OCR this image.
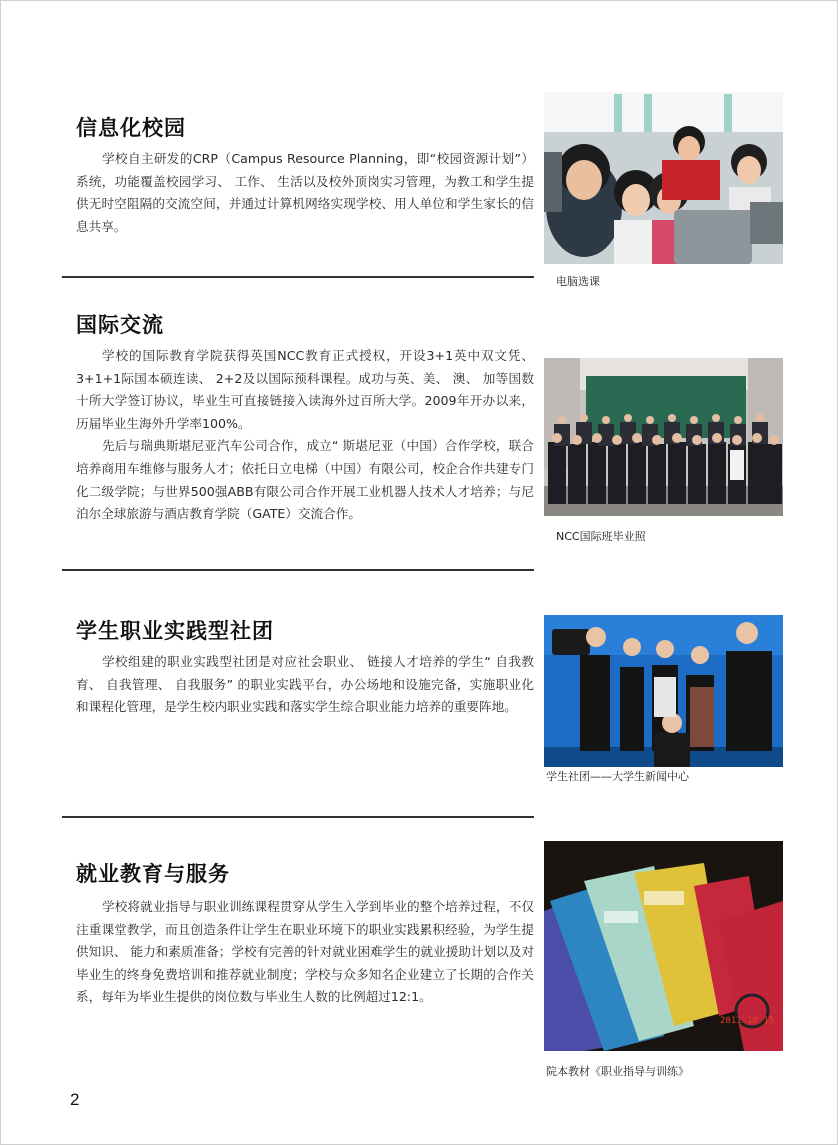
信息化校园

学校自主研发的CRP（Campus Resource Planning，即“校园资源计划”）系统，功能覆盖校园学习、 工作、 生活以及校外顶岗实习管理，为教工和学生提供无时空阻隔的交流空间，并通过计算机网络实现学校、用人单位和学生家长的信息共享。

电脑选课
国际交流

学校的国际教育学院获得英国NCC教育正式授权，开设3+1英中双文凭、3+1+1际国本硕连读、 2+2及以国际预科课程。成功与英、美、 澳、 加等国数十所大学签订协议，毕业生可直接链接入读海外过百所大学。2009年开办以来，历届毕业生海外升学率100%。

先后与瑞典斯堪尼亚汽车公司合作，成立“ 斯堪尼亚（中国）合作学校，联合培养商用车维修与服务人才；依托日立电梯（中国）有限公司，校企合作共建专门化二级学院；与世界500强ABB有限公司合作开展工业机器人技术人才培养；与尼泊尔全球旅游与酒店教育学院（GATE）交流合作。

NCC国际班毕业照
学生职业实践型社团

学校组建的职业实践型社团是对应社会职业、 链接人才培养的学生“ 自我教育、 自我管理、 自我服务” 的职业实践平台，办公场地和设施完备，实施职业化和课程化管理，是学生校内职业实践和落实学生综合职业能力培养的重要阵地。

学生社团——大学生新闻中心
就业教育与服务

学校将就业指导与职业训练课程贯穿从学生入学到毕业的整个培养过程，不仅注重课堂教学，而且创造条件让学生在职业环境下的职业实践累积经验，为学生提供知识、 能力和素质准备；学校有完善的针对就业困难学生的就业援助计划以及对毕业生的终身免费培训和推荐就业制度；学校与众多知名企业建立了长期的合作关系，每年为毕业生提供的岗位数与毕业生人数的比例超过12:1。

2011 10 15
院本教材《职业指导与训练》
2
